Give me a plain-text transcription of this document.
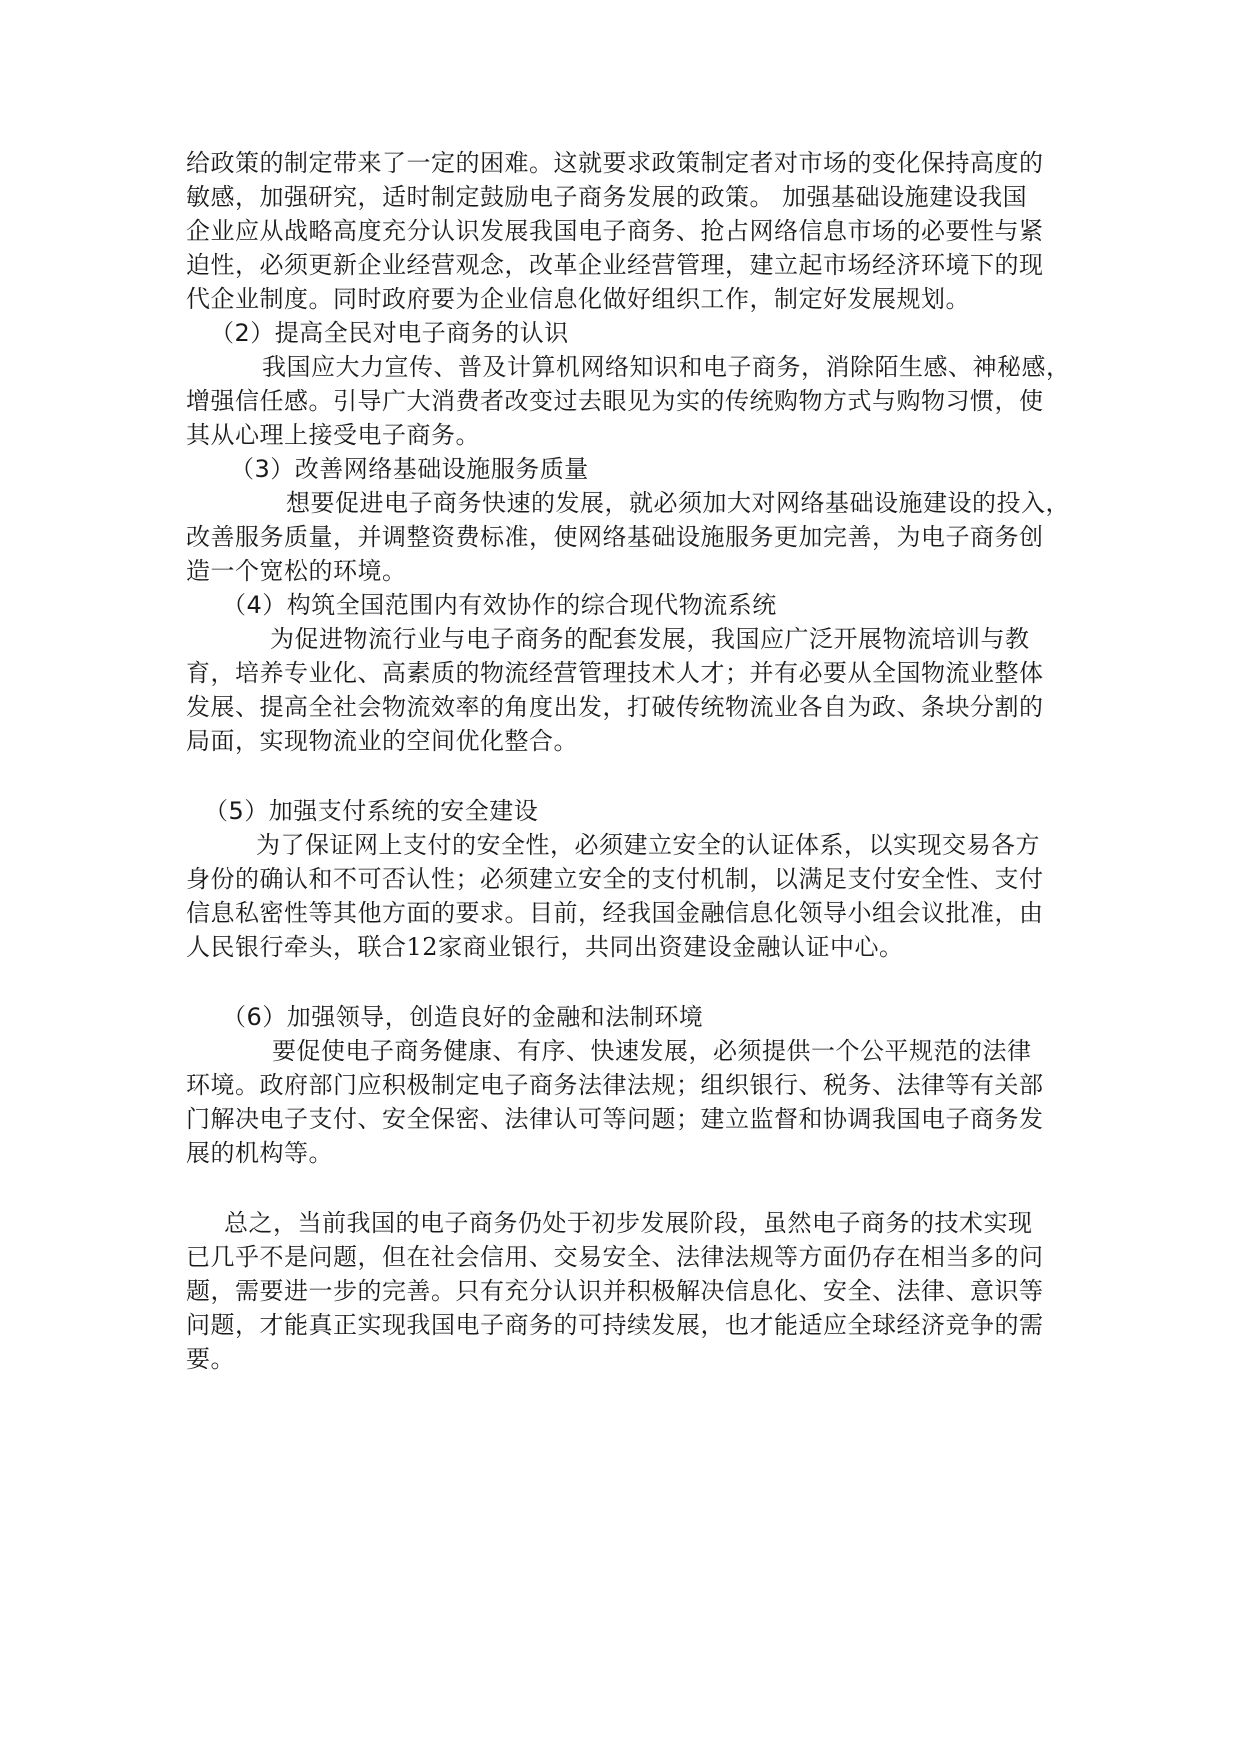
给政策的制定带来了一定的困难。这就要求政策制定者对市场的变化保持高度的
敏感，加强研究，适时制定鼓励电子商务发展的政策。 加强基础设施建设我国
企业应从战略高度充分认识发展我国电子商务、抢占网络信息市场的必要性与紧
迫性，必须更新企业经营观念，改革企业经营管理，建立起市场经济环境下的现
代企业制度。同时政府要为企业信息化做好组织工作，制定好发展规划。
（2）提高全民对电子商务的认识
我国应大力宣传、普及计算机网络知识和电子商务，消除陌生感、神秘感，
增强信任感。引导广大消费者改变过去眼见为实的传统购物方式与购物习惯，使
其从心理上接受电子商务。
（3）改善网络基础设施服务质量
想要促进电子商务快速的发展，就必须加大对网络基础设施建设的投入，
改善服务质量，并调整资费标准，使网络基础设施服务更加完善，为电子商务创
造一个宽松的环境。
（4）构筑全国范围内有效协作的综合现代物流系统
为促进物流行业与电子商务的配套发展，我国应广泛开展物流培训与教
育，培养专业化、高素质的物流经营管理技术人才；并有必要从全国物流业整体
发展、提高全社会物流效率的角度出发，打破传统物流业各自为政、条块分割的
局面，实现物流业的空间优化整合。
（5）加强支付系统的安全建设
为了保证网上支付的安全性，必须建立安全的认证体系，以实现交易各方
身份的确认和不可否认性；必须建立安全的支付机制，以满足支付安全性、支付
信息私密性等其他方面的要求。目前，经我国金融信息化领导小组会议批准，由
人民银行牵头，联合12家商业银行，共同出资建设金融认证中心。
（6）加强领导，创造良好的金融和法制环境
要促使电子商务健康、有序、快速发展，必须提供一个公平规范的法律
环境。政府部门应积极制定电子商务法律法规；组织银行、税务、法律等有关部
门解决电子支付、安全保密、法律认可等问题；建立监督和协调我国电子商务发
展的机构等。
总之，当前我国的电子商务仍处于初步发展阶段，虽然电子商务的技术实现
已几乎不是问题，但在社会信用、交易安全、法律法规等方面仍存在相当多的问
题，需要进一步的完善。只有充分认识并积极解决信息化、安全、法律、意识等
问题，才能真正实现我国电子商务的可持续发展，也才能适应全球经济竞争的需
要。
